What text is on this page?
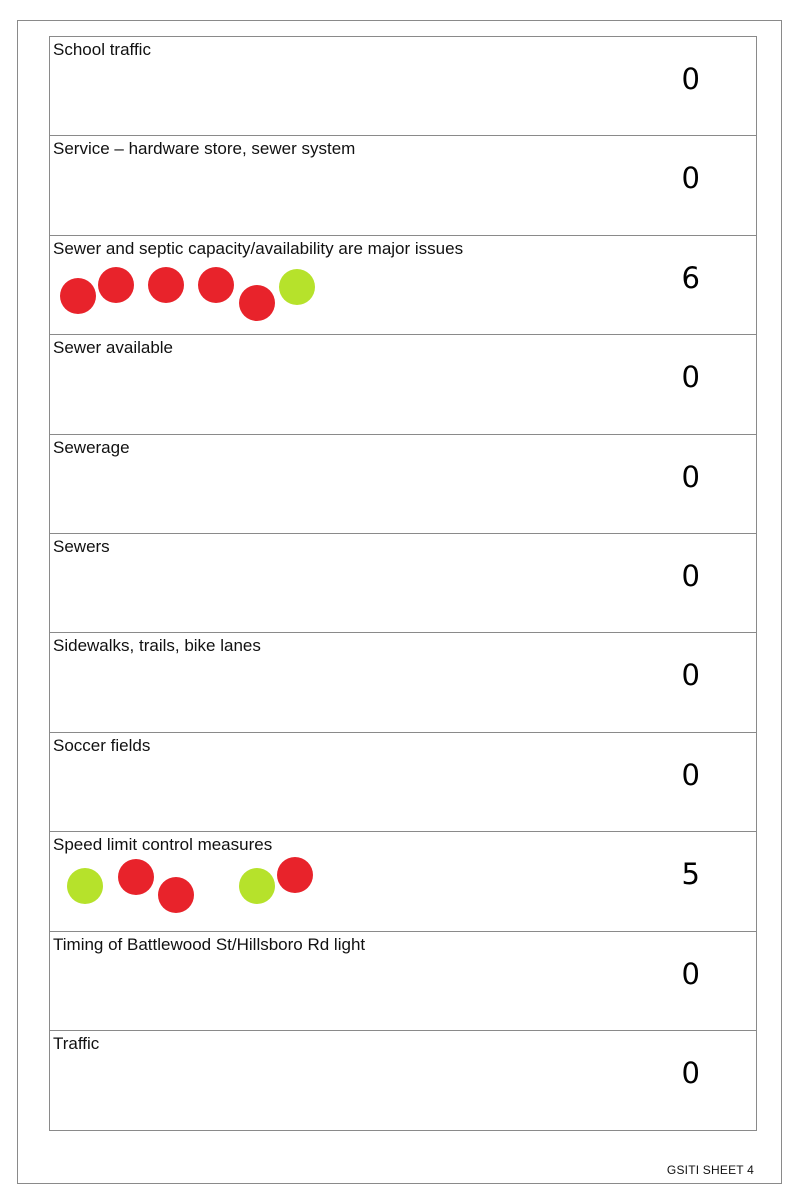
School traffic
0
Service – hardware store, sewer system
0
Sewer and septic capacity/availability are major issues
6
Sewer available
0
Sewerage
0
Sewers
0
Sidewalks, trails, bike lanes
0
Soccer fields
0
Speed limit control measures
5
Timing of Battlewood St/Hillsboro Rd light
0
Traffic
0
GSITI SHEET 4
